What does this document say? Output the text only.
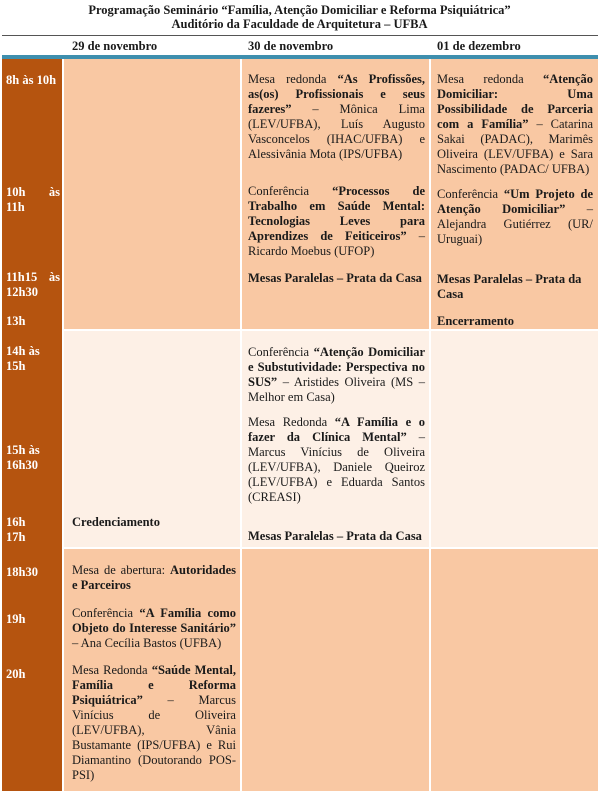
Programação Seminário “Família, Atenção Domiciliar e Reforma Psiquiátrica”
Auditório da Faculdade de Arquitetura – UFBA
29 de novembro	30 de novembro	01 de dezembro
8h às 10h
10h às
11h
11h15 às
12h30
13h
14h às
15h
15h às
16h30
16h
17h
18h30
19h
20h
Mesa redonda “As Profissões, as(os) Profissionais e seus fazeres” – Mônica Lima (LEV/UFBA), Luís Augusto Vasconcelos (IHAC/UFBA) e Alessivânia Mota (IPS/UFBA)
Conferência “Processos de Trabalho em Saúde Mental: Tecnologias Leves para Aprendizes de Feiticeiros” – Ricardo Moebus (UFOP)
Mesas Paralelas – Prata da Casa
Conferência “Atenção Domiciliar e Substutividade: Perspectiva no SUS” – Aristides Oliveira (MS – Melhor em Casa)
Mesa Redonda “A Família e o fazer da Clínica Mental” – Marcus Vinícius de Oliveira (LEV/UFBA), Daniele Queiroz (LEV/UFBA) e Eduarda Santos (CREASI)
Mesas Paralelas – Prata da Casa
Mesa redonda “Atenção Domiciliar: Uma Possibilidade de Parceria com a Família” – Catarina Sakai (PADAC), Marimês Oliveira (LEV/UFBA) e Sara Nascimento (PADAC/ UFBA)
Conferência “Um Projeto de Atenção Domiciliar” – Alejandra Gutiérrez (UR/ Uruguai)
Mesas Paralelas – Prata da Casa
Encerramento
Credenciamento
Mesa de abertura: Autoridades e Parceiros
Conferência “A Família como Objeto do Interesse Sanitário” – Ana Cecília Bastos (UFBA)
Mesa Redonda “Saúde Mental, Família e Reforma Psiquiátrica” – Marcus Vinícius de Oliveira (LEV/UFBA), Vânia Bustamante (IPS/UFBA) e Rui Diamantino (Doutorando POS-PSI)
